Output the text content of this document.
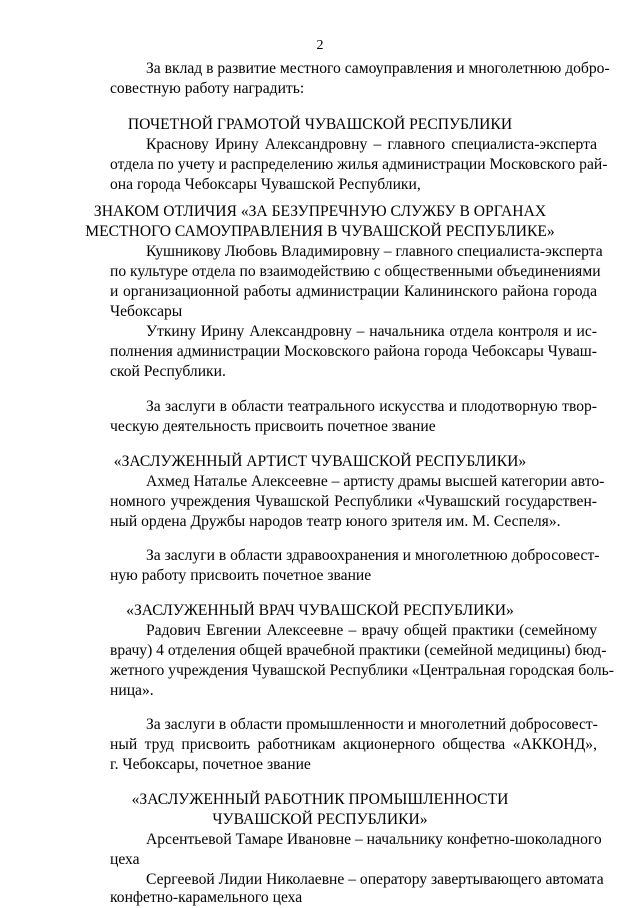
2
За вклад в развитие местного самоуправления и многолетнюю добро-
совестную работу наградить:
ПОЧЕТНОЙ ГРАМОТОЙ ЧУВАШСКОЙ РЕСПУБЛИКИ
Краснову Ирину Александровну – главного специалиста-эксперта
отдела по учету и распределению жилья администрации Московского рай-
она города Чебоксары Чувашской Республики,
ЗНАКОМ ОТЛИЧИЯ «ЗА БЕЗУПРЕЧНУЮ СЛУЖБУ В ОРГАНАХ
МЕСТНОГО САМОУПРАВЛЕНИЯ В ЧУВАШСКОЙ РЕСПУБЛИКЕ»
Кушникову Любовь Владимировну – главного специалиста-эксперта
по культуре отдела по взаимодействию с общественными объединениями
и организационной работы администрации Калининского района города
Чебоксары
Уткину Ирину Александровну – начальника отдела контроля и ис-
полнения администрации Московского района города Чебоксары Чуваш-
ской Республики.
За заслуги в области театрального искусства и плодотворную твор-
ческую деятельность присвоить почетное звание
«ЗАСЛУЖЕННЫЙ АРТИСТ ЧУВАШСКОЙ РЕСПУБЛИКИ»
Ахмед Наталье Алексеевне – артисту драмы высшей категории авто-
номного учреждения Чувашской Республики «Чувашский государствен-
ный ордена Дружбы народов театр юного зрителя им. М. Сеспеля».
За заслуги в области здравоохранения и многолетнюю добросовест-
ную работу присвоить почетное звание
«ЗАСЛУЖЕННЫЙ ВРАЧ ЧУВАШСКОЙ РЕСПУБЛИКИ»
Радович Евгении Алексеевне – врачу общей практики (семейному
врачу) 4 отделения общей врачебной практики (семейной медицины) бюд-
жетного учреждения Чувашской Республики «Центральная городская боль-
ница».
За заслуги в области промышленности и многолетний добросовест-
ный труд присвоить работникам акционерного общества «АККОНД»,
г. Чебоксары, почетное звание
«ЗАСЛУЖЕННЫЙ РАБОТНИК ПРОМЫШЛЕННОСТИ
ЧУВАШСКОЙ РЕСПУБЛИКИ»
Арсентьевой Тамаре Ивановне – начальнику конфетно-шоколадного
цеха
Сергеевой Лидии Николаевне – оператору завертывающего автомата
конфетно-карамельного цеха
